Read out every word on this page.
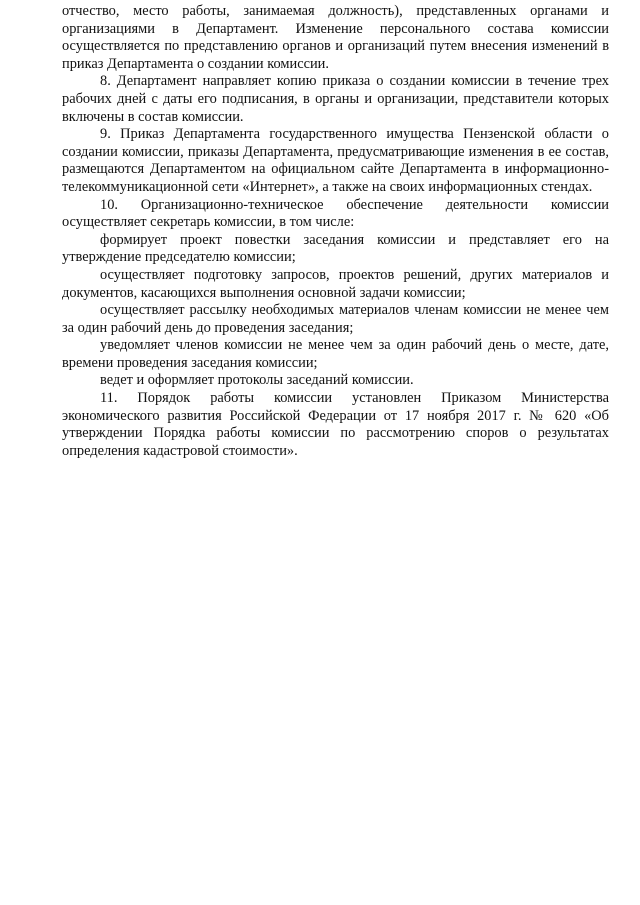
отчество, место работы, занимаемая должность), представленных органами и организациями в Департамент. Изменение персонального состава комиссии осуществляется по представлению органов и организаций путем внесения изменений в приказ Департамента о создании комиссии.

8. Департамент направляет копию приказа о создании комиссии в течение трех рабочих дней с даты его подписания, в органы и организации, представители которых включены в состав комиссии.

9. Приказ Департамента государственного имущества Пензенской области о создании комиссии, приказы Департамента, предусматривающие изменения в ее состав, размещаются Департаментом на официальном сайте Департамента в информационно-телекоммуникационной сети «Интернет», а также на своих информационных стендах.

10. Организационно-техническое обеспечение деятельности комиссии осуществляет секретарь комиссии, в том числе:

формирует проект повестки заседания комиссии и представляет его на утверждение председателю комиссии;

осуществляет подготовку запросов, проектов решений, других материалов и документов, касающихся выполнения основной задачи комиссии;

осуществляет рассылку необходимых материалов членам комиссии не менее чем за один рабочий день до проведения заседания;

уведомляет членов комиссии не менее чем за один рабочий день о месте, дате, времени проведения заседания комиссии;

ведет и оформляет протоколы заседаний комиссии.

11. Порядок работы комиссии установлен Приказом Министерства экономического развития Российской Федерации от 17 ноября 2017 г. № 620 «Об утверждении Порядка работы комиссии по рассмотрению споров о результатах определения кадастровой стоимости».
